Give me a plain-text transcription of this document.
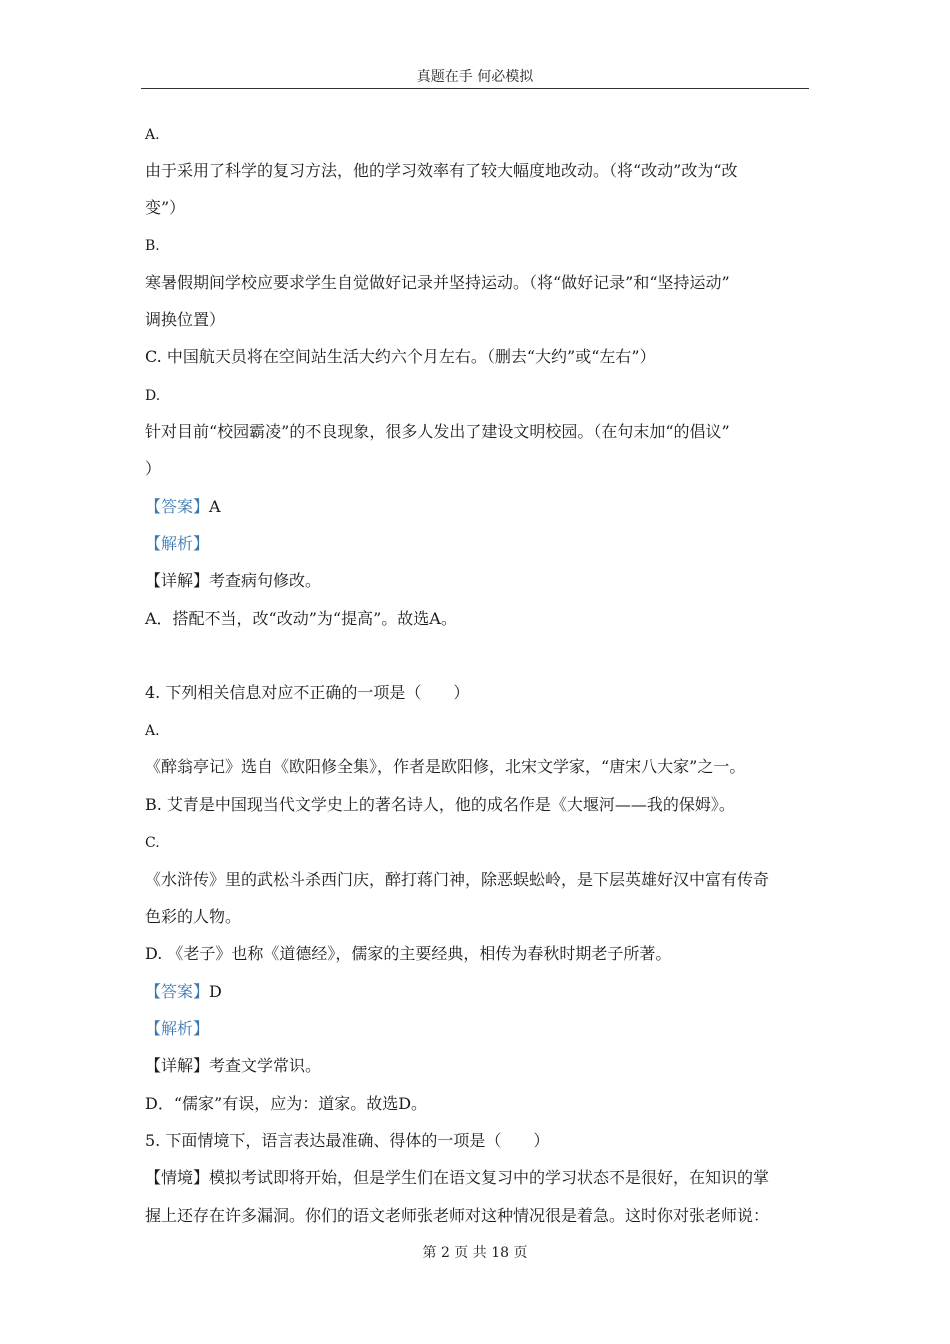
真题在手 何必模拟
A.
由于采用了科学的复习方法，他的学习效率有了较大幅度地改动。（将“改动”改为“改
变”）
B.
寒暑假期间学校应要求学生自觉做好记录并坚持运动。（将“做好记录”和“坚持运动”
调换位置）
C. 中国航天员将在空间站生活大约六个月左右。（删去“大约”或“左右”）
D.
针对目前“校园霸凌”的不良现象，很多人发出了建设文明校园。（在句末加“的倡议”
）
【答案】A
【解析】
【详解】考查病句修改。
A．搭配不当，改“改动”为“提高”。故选A。
4. 下列相关信息对应不正确的一项是（　　）
A.
《醉翁亭记》选自《欧阳修全集》，作者是欧阳修，北宋文学家，“唐宋八大家”之一。
B. 艾青是中国现当代文学史上的著名诗人，他的成名作是《大堰河——我的保姆》。
C.
《水浒传》里的武松斗杀西门庆，醉打蒋门神，除恶蜈蚣岭，是下层英雄好汉中富有传奇
色彩的人物。
D. 《老子》也称《道德经》，儒家的主要经典，相传为春秋时期老子所著。
【答案】D
【解析】
【详解】考查文学常识。
D．“儒家”有误，应为：道家。故选D。
5. 下面情境下，语言表达最准确、得体的一项是（　　）
【情境】模拟考试即将开始，但是学生们在语文复习中的学习状态不是很好，在知识的掌
握上还存在许多漏洞。你们的语文老师张老师对这种情况很是着急。这时你对张老师说：
第 2 页 共 18 页
